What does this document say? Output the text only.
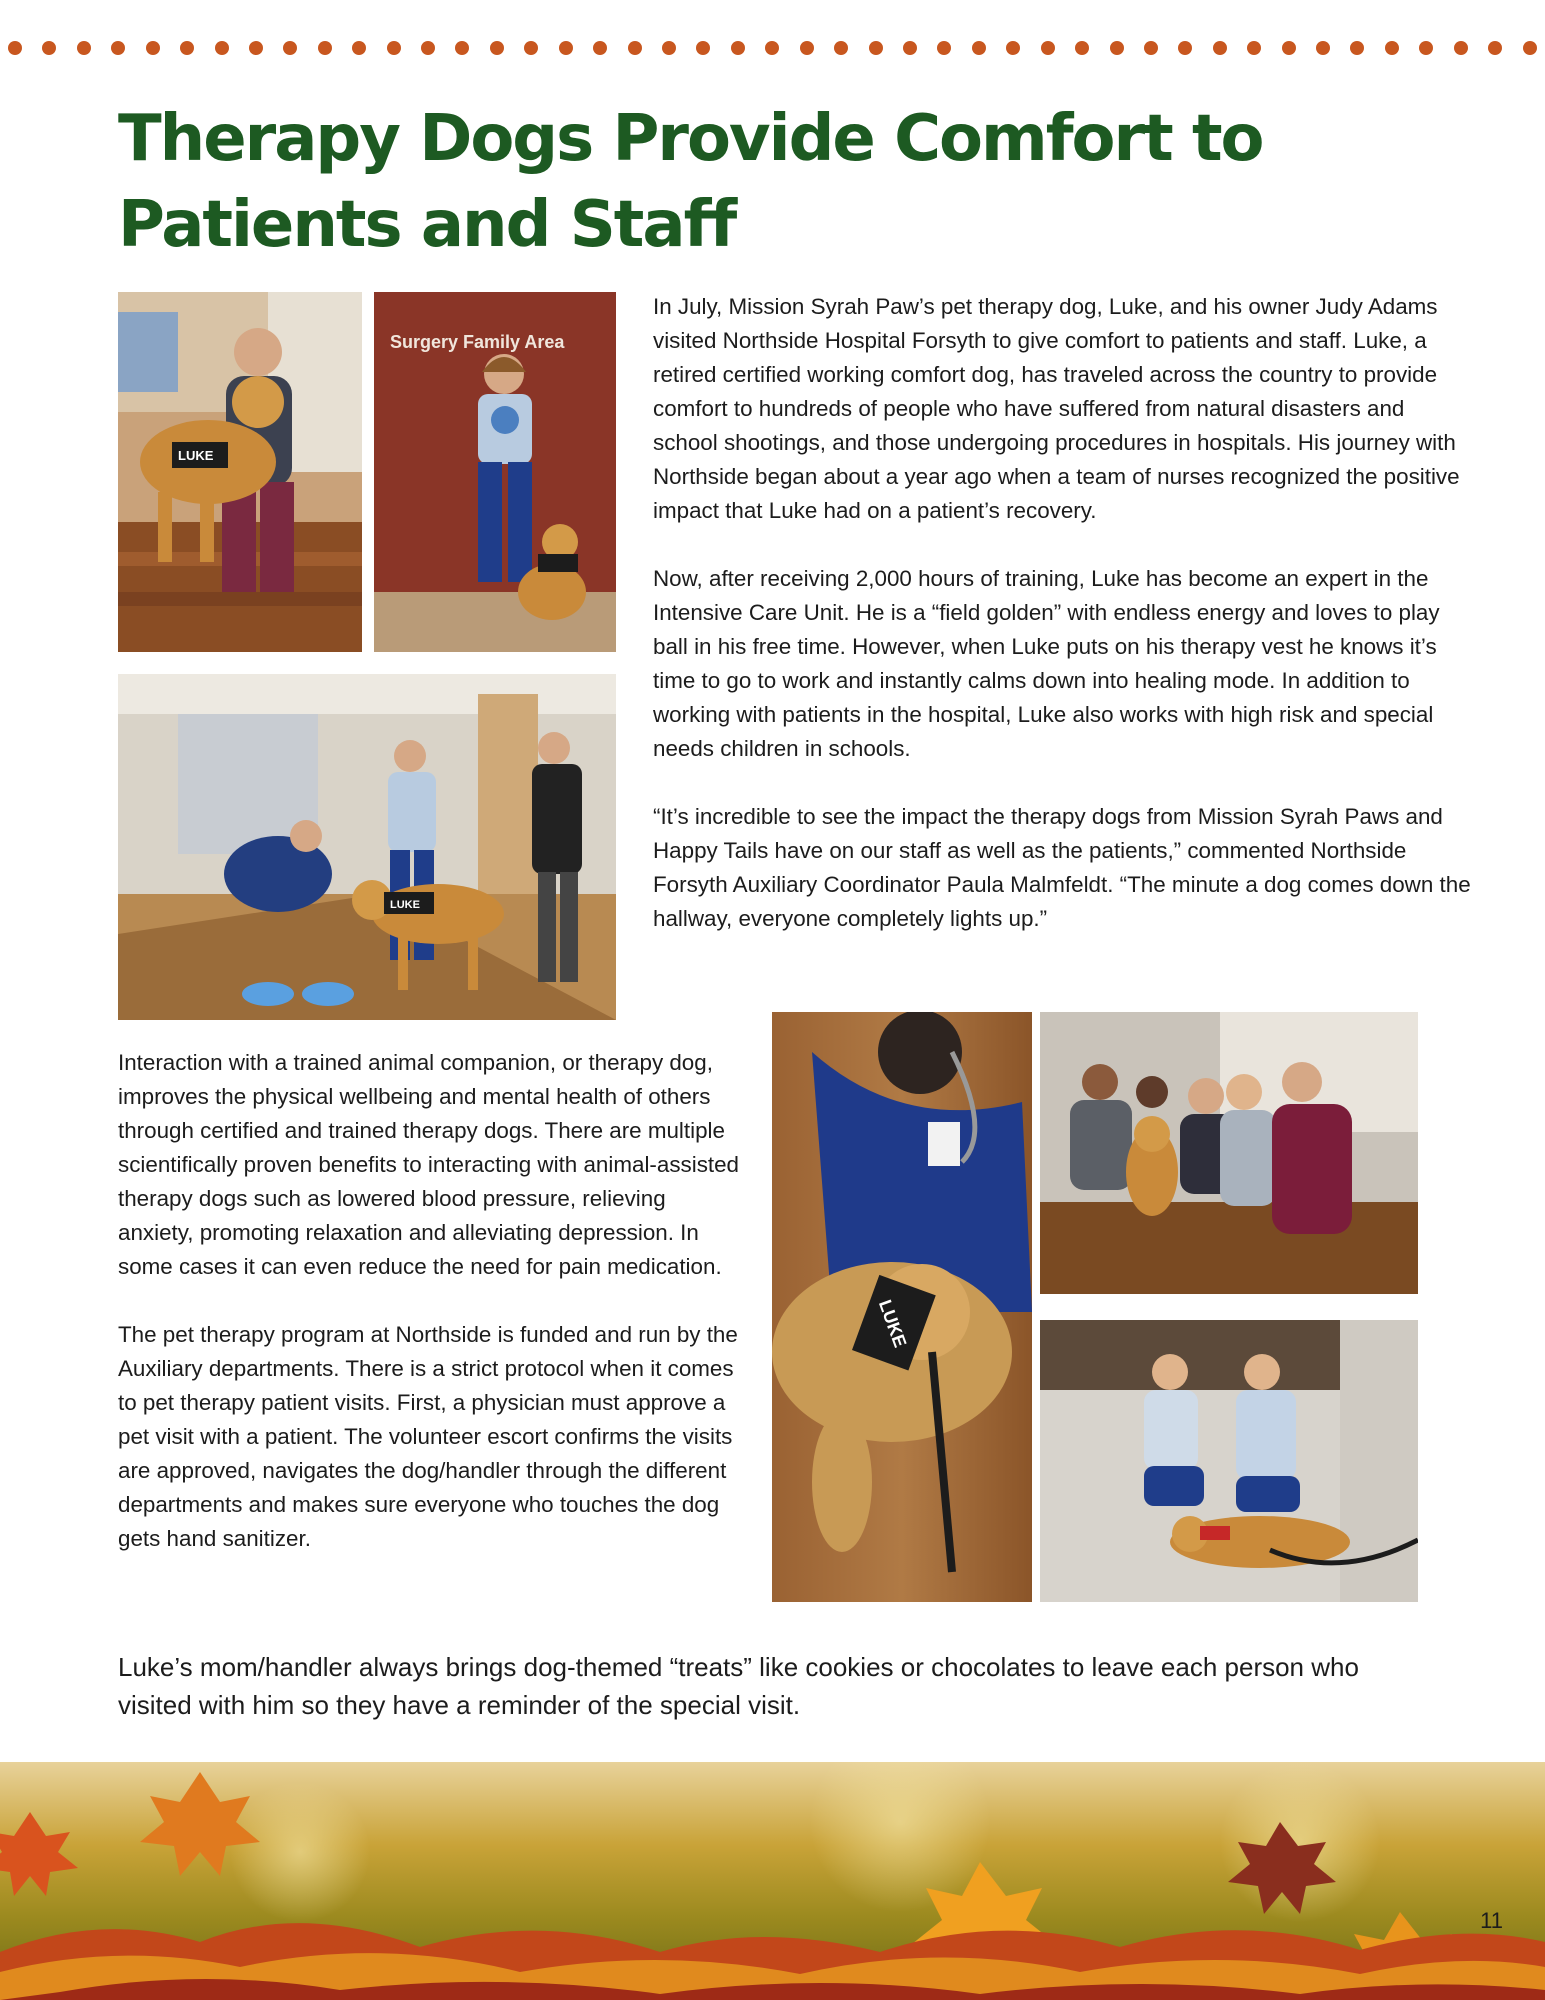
Therapy Dogs Provide Comfort to
Patients and Staff
LUKE
Surgery Family Area
LUKE
LUKE

In July, Mission Syrah Paw’s pet therapy dog, Luke, and his owner Judy Adams visited Northside Hospital Forsyth to give comfort to patients and staff. Luke, a retired certified working comfort dog, has traveled across the country to provide comfort to hundreds of people who have suffered from natural disasters and school shootings, and those undergoing procedures in hospitals. His journey with Northside began about a year ago when a team of nurses recognized the positive impact that Luke had on a patient’s recovery.

Now, after receiving 2,000 hours of training, Luke has become an expert in the Intensive Care Unit. He is a “field golden” with endless energy and loves to play ball in his free time. However, when Luke puts on his therapy vest he knows it’s time to go to work and instantly calms down into healing mode. In addition to working with patients in the hospital, Luke also works with high risk and special needs children in schools.

“It’s incredible to see the impact the therapy dogs from Mission Syrah Paws and Happy Tails have on our staff as well as the patients,” commented Northside Forsyth Auxiliary Coordinator Paula Malmfeldt. “The minute a dog comes down the hallway, everyone completely lights up.”

Interaction with a trained animal companion, or therapy dog, improves the physical wellbeing and mental health of others through certified and trained therapy dogs. There are multiple scientifically proven benefits to interacting with animal-assisted therapy dogs such as lowered blood pressure, relieving anxiety, promoting relaxation and alleviating depression. In some cases it can even reduce the need for pain medication.

The pet therapy program at Northside is funded and run by the Auxiliary departments. There is a strict protocol when it comes to pet therapy patient visits. First, a physician must approve a pet visit with a patient. The volunteer escort confirms the visits are approved, navigates the dog/handler through the different departments and makes sure everyone who touches the dog gets hand sanitizer.

Luke’s mom/handler always brings dog-themed “treats” like cookies or chocolates to leave each person who visited with him so they have a reminder of the special visit.
11
